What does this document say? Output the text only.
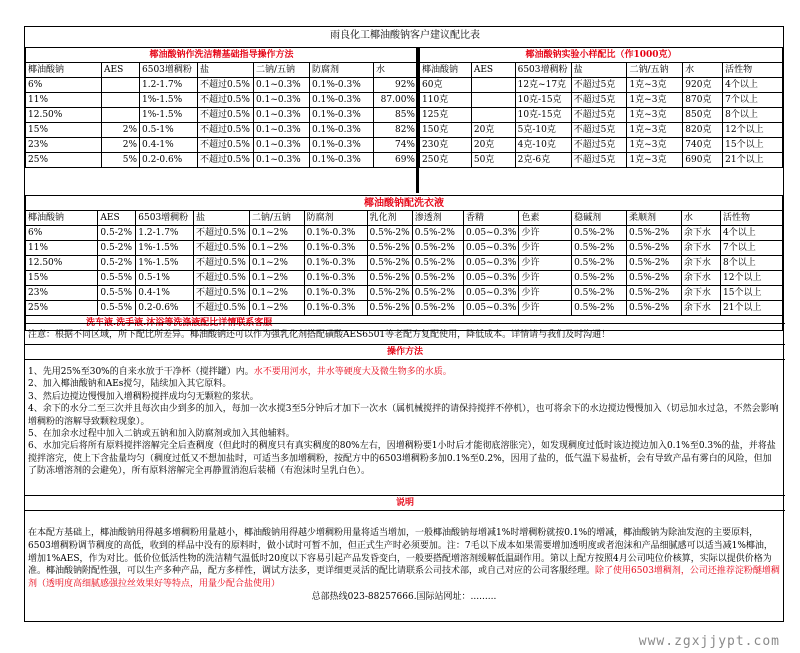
雨良化工椰油酸钠客户建议配比表
椰油酸钠作洗洁精基础指导操作方法						
椰油酸钠	AES	6503增稠粉	盐	二钠/五钠	防腐剂	水
6%		1.2-1.7%	不超过0.5%	0.1~0.3%	0.1%-0.3%	92%
11%		1%-1.5%	不超过0.5%	0.1~0.3%	0.1%-0.3%	87.00%
12.50%		1%-1.5%	不超过0.5%	0.1~0.3%	0.1%-0.3%	85%
15%	2%	0.5-1%	不超过0.5%	0.1~0.3%	0.1%-0.3%	82%
23%	2%	0.4-1%	不超过0.5%	0.1~0.3%	0.1%-0.3%	74%
25%	5%	0.2-0.6%	不超过0.5%	0.1~0.3%	0.1%-0.3%	69%
椰油酸钠实验小样配比（作1000克）						
椰油酸钠	AES	6503增稠粉	盐	二钠/五钠	水	活性物
60克		12克~17克	不超过5克	1克~3克	920克	4个以上
110克		10克-15克	不超过5克	1克~3克	870克	7个以上
125克		10克-15克	不超过5克	1克~3克	850克	8个以上
150克	20克	5克-10克	不超过5克	1克~3克	820克	12个以上
230克	20克	4克-10克	不超过5克	1克~3克	740克	15个以上
250克	50克	2克-6克	不超过5克	1克~3克	690克	21个以上
椰油酸钠配洗衣液													
椰油酸钠	AES	6503增稠粉	盐	二钠/五钠	防腐剂	乳化剂	渗透剂	香精	色素	稳碱剂	柔顺剂	水	活性物
6%	0.5-2%	1.2-1.7%	不超过0.5%	0.1~2%	0.1%-0.3%	0.5%-2%	0.5%-2%	0.05~0.3%	少许	0.5%-2%	0.5%-2%	余下水	4个以上
11%	0.5-2%	1%-1.5%	不超过0.5%	0.1~2%	0.1%-0.3%	0.5%-2%	0.5%-2%	0.05~0.3%	少许	0.5%-2%	0.5%-2%	余下水	7个以上
12.50%	0.5-2%	1%-1.5%	不超过0.5%	0.1~2%	0.1%-0.3%	0.5%-2%	0.5%-2%	0.05~0.3%	少许	0.5%-2%	0.5%-2%	余下水	8个以上
15%	0.5-5%	0.5-1%	不超过0.5%	0.1~2%	0.1%-0.3%	0.5%-2%	0.5%-2%	0.05~0.3%	少许	0.5%-2%	0.5%-2%	余下水	12个以上
23%	0.5-5%	0.4-1%	不超过0.5%	0.1~2%	0.1%-0.3%	0.5%-2%	0.5%-2%	0.05~0.3%	少许	0.5%-2%	0.5%-2%	余下水	15个以上
25%	0.5-5%	0.2-0.6%	不超过0.5%	0.1~2%	0.1%-0.3%	0.5%-2%	0.5%-2%	0.05~0.3%	少许	0.5%-2%	0.5%-2%	余下水	21个以上
洗车液.洗手液.沐浴等洗涤液配比详情联系客服													
注意：根据不同区域，所下配比所差异。椰油酸钠还可以作为强乳化剂搭配磺酸AES6501等老配方复配使用，降低成本。详情请与我们及时沟通！
操作方法

1、先用25%至30%的自来水放于干净杯（搅拌罐）内。水不要用河水，井水等硬度大及微生物多的水质。

2、加入椰油酸钠和AEs搅匀，陆续加入其它原料。

3、然后边搅边慢慢加入增稠粉搅拌成均匀无颗粒的浆状。

4、余下的水分二至三次并且每次由少到多的加入，每加一次水搅3至5分钟后才加下一次水（属机械搅拌的请保持搅拌不停机），也可将余下的水边搅边慢慢加入（切忌加水过急，不然会影响增稠粉的溶解导致颗粒现象）。

5、在加余水过程中加入二钠或五钠和加入防腐剂或加入其他辅料。

6、水加完后将所有原料搅拌溶解完全后查稠度（但此时的稠度只有真实稠度的80%左右，因增稠粉要1小时后才能彻底溶胀完），如发现稠度过低时该边搅边加入0.1%至0.3%的盐，并将盐搅拌溶完，使上下含盐量均匀（稠度过低又不想加盐时，可适当多加增稠粉，按配方中的6503增稠粉多加0.1%至0.2%，因用了盐的，低气温下易盐析，会有导致产品有雾白的风险，但加了防冻增溶剂的会避免），所有原料溶解完全再静置消泡后装桶（有泡沫时呈乳白色）。

说明
在本配方基础上，椰油酸钠用得越多增稠粉用量越小，椰油酸钠用得越少增稠粉用量将适当增加，一般椰油酸钠每增减1%时增稠粉就按0.1%的增减，椰油酸钠为除油发泡的主要原料，6503增稠粉调节稠度的高低，收到的样品中没有的原料时，做小试时可暂不加，但正式生产时必须要加。注：7毛以下成本如果需要增加透明度或者泡沫和产品细腻感可以适当减1%椰油，增加1%AES，作为对比。低价位低活性物的洗洁精气温低时20度以下容易引起产品发昏变白，一般要搭配增溶剂缓解低温副作用。第以上配方按照4月公司吨位价核算，实际以提供价格为准。椰油酸钠附配性强，可以生产多种产品，配方多样性，调试方法多，更详细更灵活的配比请联系公司技术部，或自己对应的公司客服经理。除了使用6503增稠剂，公司还推荐淀粉醚增稠剂（透明度高细腻感强拉丝效果好等特点，用量少配合盐使用）
总部热线023-88257666.国际站网址：.........
www.zgxjjypt.com
